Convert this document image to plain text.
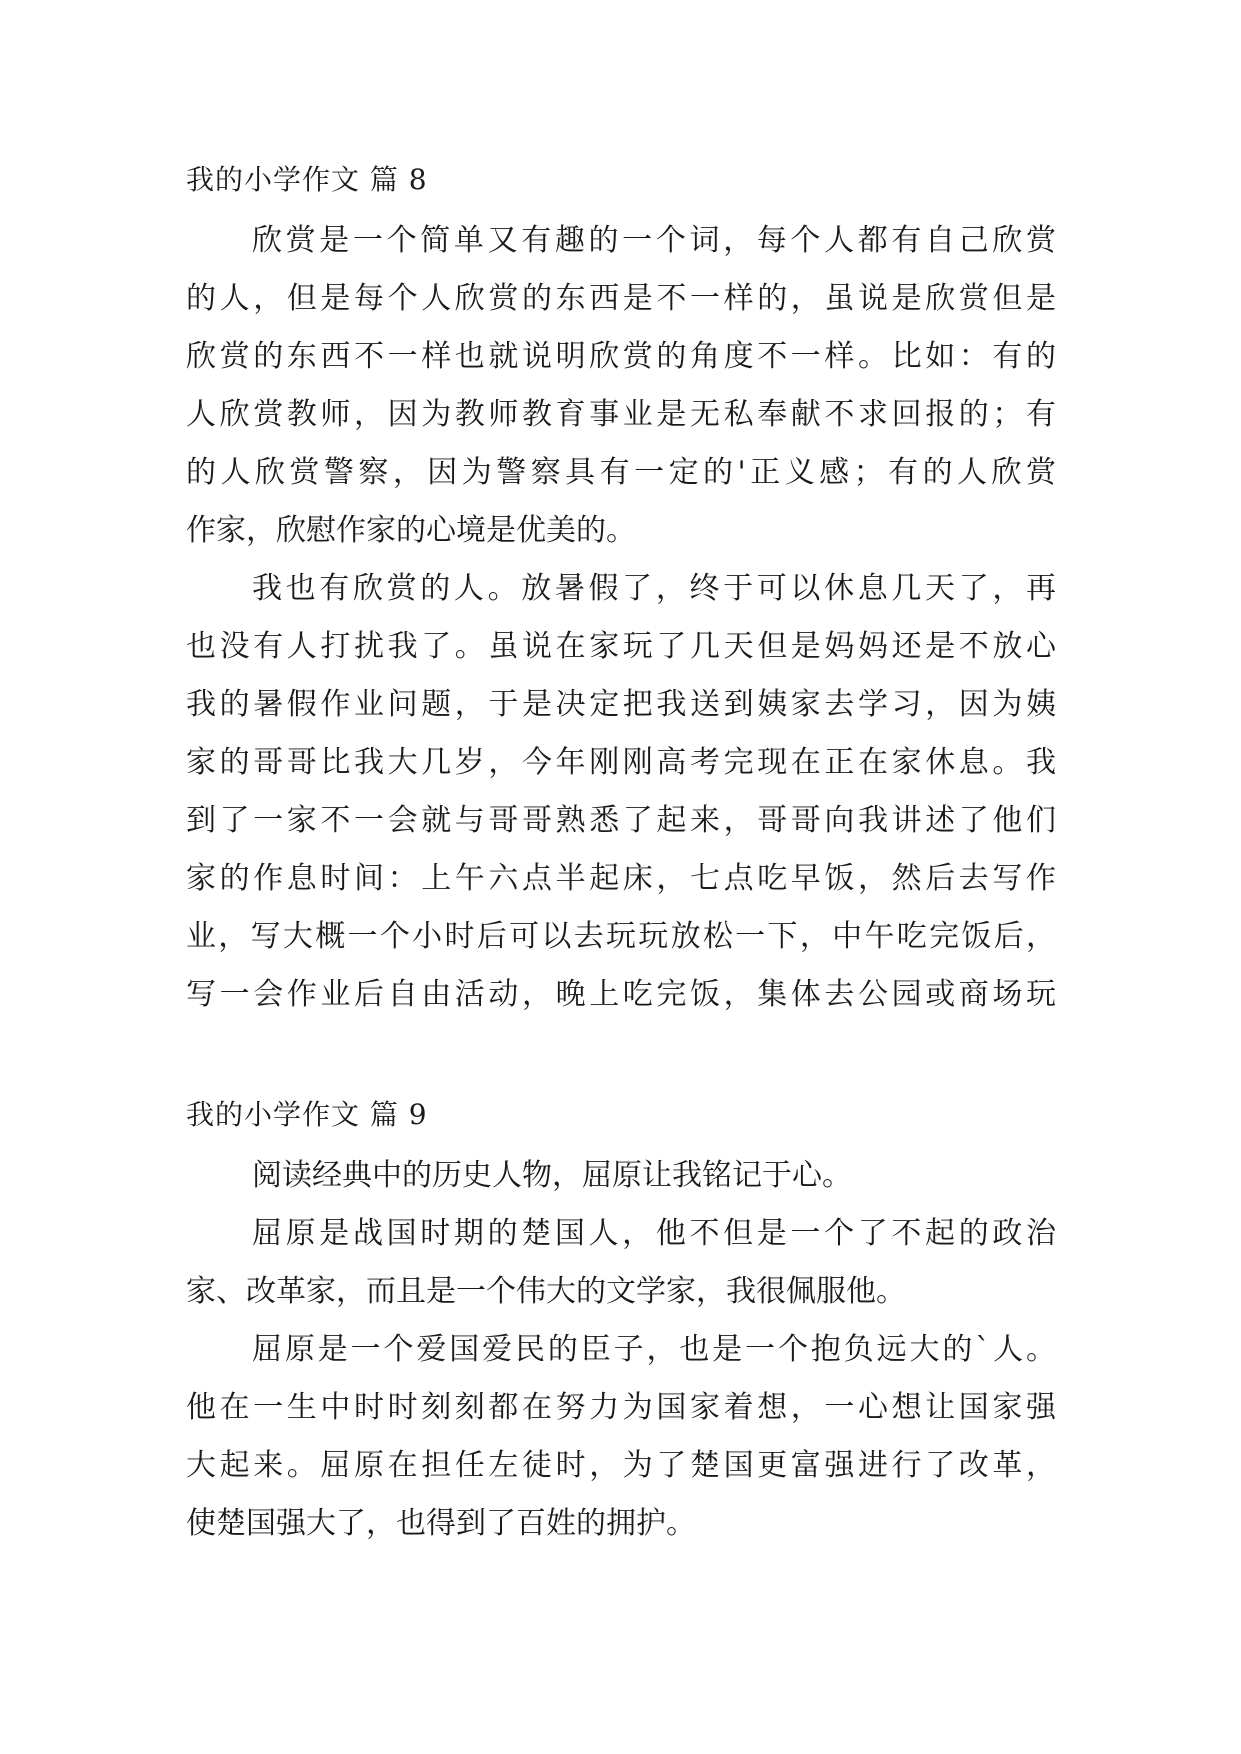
我的小学作文 篇 8
欣赏是一个简单又有趣的一个词，每个人都有自己欣赏
的人，但是每个人欣赏的东西是不一样的，虽说是欣赏但是
欣赏的东西不一样也就说明欣赏的角度不一样。比如：有的
人欣赏教师，因为教师教育事业是无私奉献不求回报的；有
的人欣赏警察，因为警察具有一定的'正义感；有的人欣赏
作家，欣慰作家的心境是优美的。
我也有欣赏的人。放暑假了，终于可以休息几天了，再
也没有人打扰我了。虽说在家玩了几天但是妈妈还是不放心
我的暑假作业问题，于是决定把我送到姨家去学习，因为姨
家的哥哥比我大几岁，今年刚刚高考完现在正在家休息。我
到了一家不一会就与哥哥熟悉了起来，哥哥向我讲述了他们
家的作息时间：上午六点半起床，七点吃早饭，然后去写作
业，写大概一个小时后可以去玩玩放松一下，中午吃完饭后，
写一会作业后自由活动，晚上吃完饭，集体去公园或商场玩
我的小学作文 篇 9
阅读经典中的历史人物，屈原让我铭记于心。
屈原是战国时期的楚国人，他不但是一个了不起的政治
家、改革家，而且是一个伟大的文学家，我很佩服他。
屈原是一个爱国爱民的臣子，也是一个抱负远大的`人。
他在一生中时时刻刻都在努力为国家着想，一心想让国家强
大起来。屈原在担任左徒时，为了楚国更富强进行了改革，
使楚国强大了，也得到了百姓的拥护。
